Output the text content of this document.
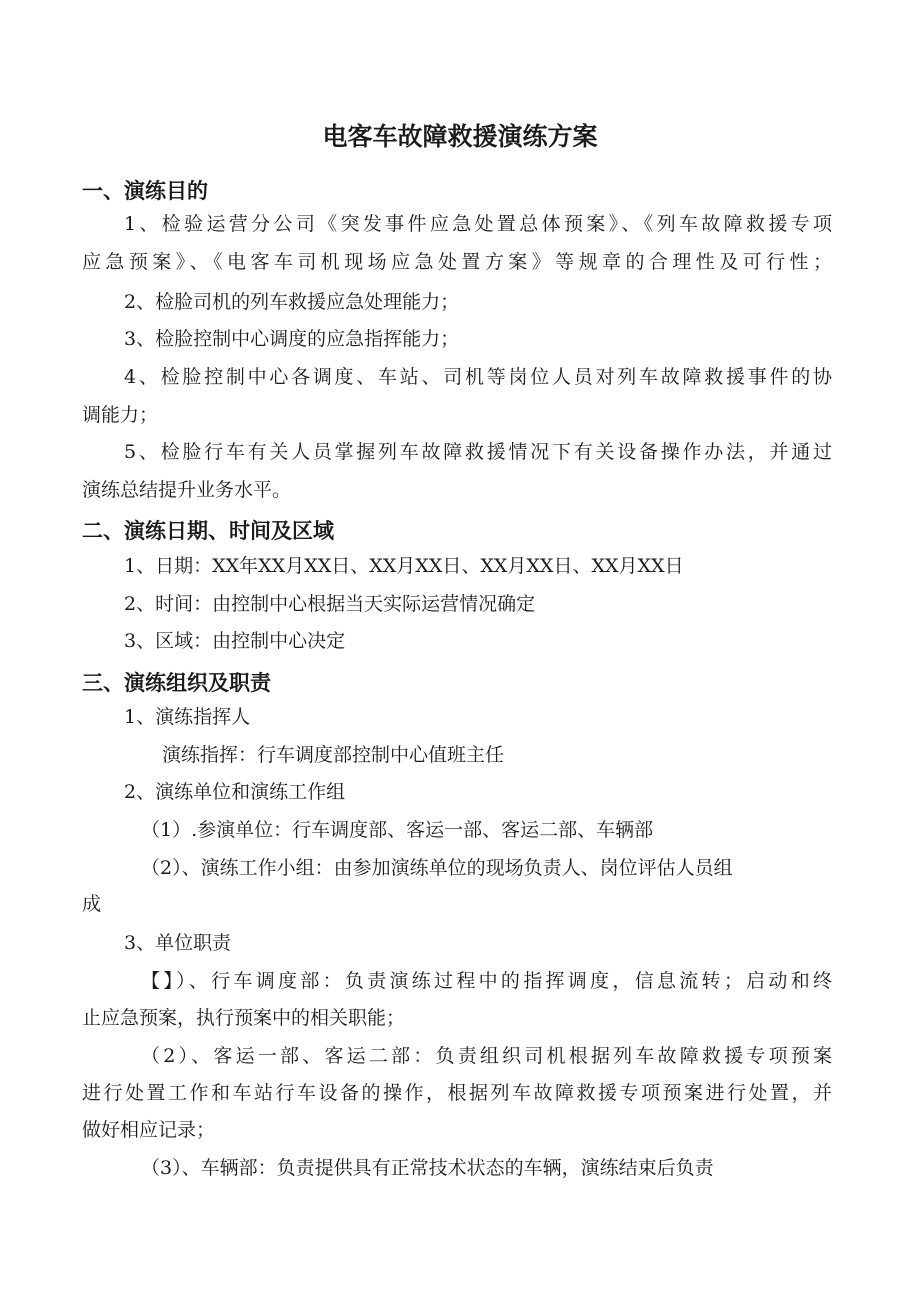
电客车故障救援演练方案
一、演练目的
1、检验运营分公司《突发事件应急处置总体预案》、《列车故障救援专项
应急预案》、《电客车司机现场应急处置方案》等规章的合理性及可行性；
2、检脸司机的列车救援应急处理能力；
3、检脸控制中心调度的应急指挥能力；
4、检脸控制中心各调度、车站、司机等岗位人员对列车故障救援事件的协
调能力；
5、检脸行车有关人员掌握列车故障救援情况下有关设备操作办法，并通过
演练总结提升业务水平。
二、演练日期、时间及区域
1、日期：XX年XX月XX日、XX月XX日、XX月XX日、XX月XX日
2、时间：由控制中心根据当天实际运营情况确定
3、区域：由控制中心决定
三、演练组织及职责
1、演练指挥人
演练指挥：行车调度部控制中心值班主任
2、演练单位和演练工作组
（1）.参演单位：行车调度部、客运一部、客运二部、车辆部
（2）、演练工作小组：由参加演练单位的现场负责人、岗位评估人员组
成
3、单位职责
【】）、行车调度部：负责演练过程中的指挥调度，信息流转；启动和终
止应急预案，执行预案中的相关职能；
（2）、客运一部、客运二部：负责组织司机根据列车故障救援专项预案
进行处置工作和车站行车设备的操作，根据列车故障救援专项预案进行处置，并
做好相应记录；
（3）、车辆部：负责提供具有正常技术状态的车辆，演练结束后负责
